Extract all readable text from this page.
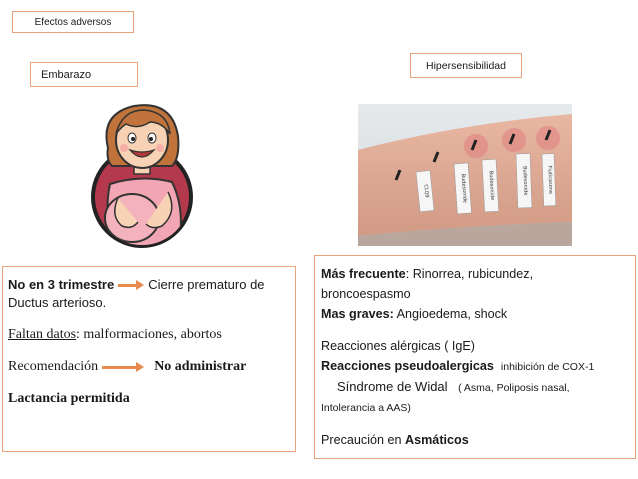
Efectos adversos
Embarazo
Hipersensibilidad
CLQ9	Budesonide	Budesonide	Budesonide	Fluticasone
No en 3 trimestre	Cierre prematuro de
Ductus arterioso.
Faltan datos: malformaciones, abortos
Recomendación	No administrar
Lactancia permitida
Más frecuente: Rinorrea, rubicundez,
broncoespasmo
Mas graves: Angioedema, shock
Reacciones alérgicas ( IgE)
Reacciones pseudoalergicas inhibición de COX-1
Síndrome de Widal ( Asma, Poliposis nasal,
Intolerancia a AAS)
Precaución en Asmáticos
